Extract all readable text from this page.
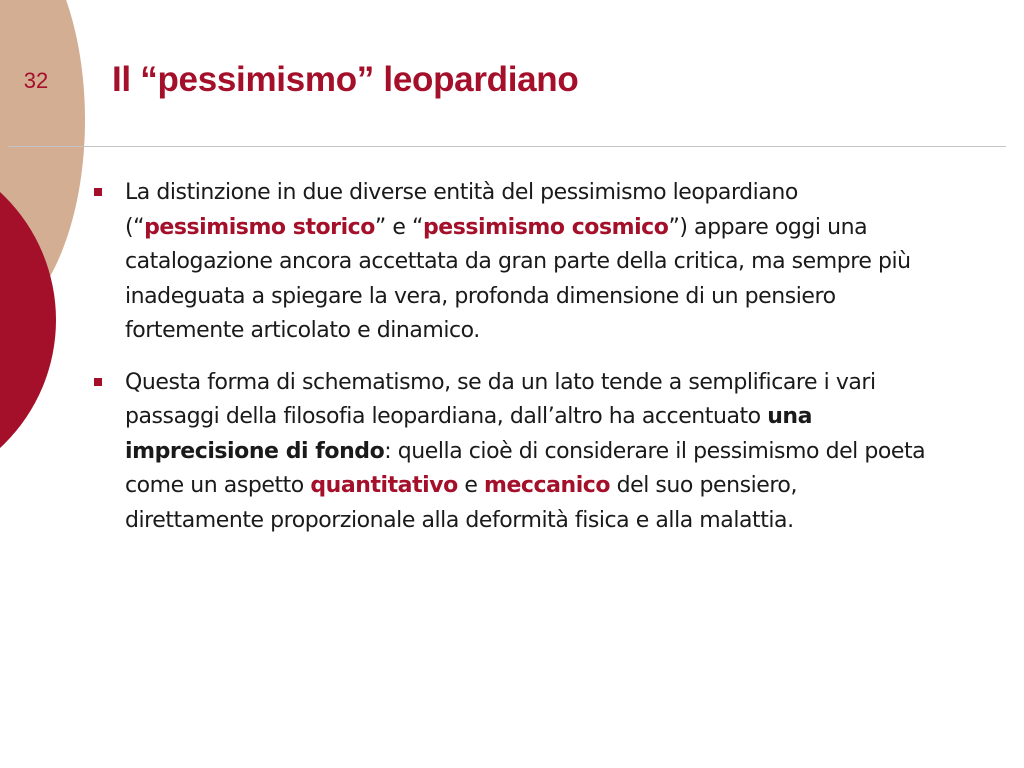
32 Il “pessimismo” leopardiano
La distinzione in due diverse entità del pessimismo leopardiano (“pessimismo storico” e “pessimismo cosmico”) appare oggi una catalogazione ancora accettata da gran parte della critica, ma sempre più inadeguata a spiegare la vera, profonda dimensione di un pensiero fortemente articolato e dinamico.
Questa forma di schematismo, se da un lato tende a semplificare i vari passaggi della filosofia leopardiana, dall’altro ha accentuato una imprecisione di fondo: quella cioè di considerare il pessimismo del poeta come un aspetto quantitativo e meccanico del suo pensiero, direttamente proporzionale alla deformità fisica e alla malattia.
